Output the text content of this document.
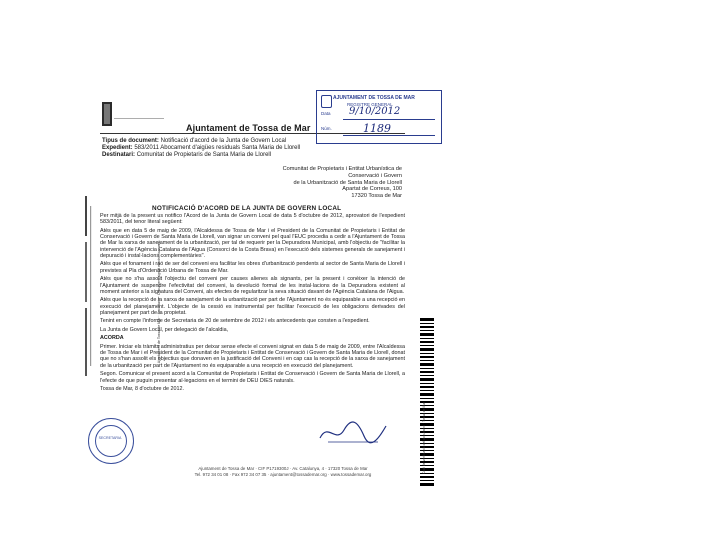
Ajuntament de Tossa de Mar
Tipus de document: Notificació d'acord de la Junta de Govern Local
Expedient: 583/2011 Abocament d'aigües residuals Santa Maria de Llorell
Destinatari: Comunitat de Propietaris de Santa Maria de Llorell
Comunitat de Propietaris i Entitat Urbanística de
Conservació i Govern
de la Urbanització de Santa Maria de Llorell
Apartat de Correus, 100
17320 Tossa de Mar
NOTIFICACIÓ D'ACORD DE LA JUNTA DE GOVERN LOCAL

Per mitjà de la present us notifico l'Acord de la Junta de Govern Local de data 5 d'octubre de 2012, aprovatori de l'expedient 583/2011, del tenor literal següent:

Atès que en data 5 de maig de 2009, l'Alcaldessa de Tossa de Mar i el President de la Comunitat de Propietaris i Entitat de Conservació i Govern de Santa Maria de Llorell, van signar un conveni pel qual l'EUC procedia a cedir a l'Ajuntament de Tossa de Mar la xarxa de sanejament de la urbanització, per tal de requerir per la Depuradora Municipal, amb l'objectiu de "facilitar la intervenció de l'Agència Catalana de l'Aigua (Consorci de la Costa Brava) en l'execució dels sistemes generals de sanejament i depuració i instal·lacions complementàries".

Atès que el fonament i raó de ser del conveni era facilitar les obres d'urbanització pendents al sector de Santa Maria de Llorell i previstes al Pla d'Ordenació Urbana de Tossa de Mar.

Atès que no s'ha assolit l'objectiu del conveni per causes alienes als signants, per la present i conèixer la intenció de l'Ajuntament de suspendre l'efectivitat del conveni, la devolució formal de les instal·lacions de la Depuradora existent al moment anterior a la signatura del Conveni, als efectes de regularitzar la seva situació davant de l'Agència Catalana de l'Aigua.

Atès que la recepció de la xarxa de sanejament de la urbanització per part de l'Ajuntament no és equiparable a una recepció en execució del planejament. L'objecte de la cessió es instrumental per facilitar l'execució de les obligacions derivades del planejament per part de la propietat.

Tenint en compte l'informe de Secretaria de 20 de setembre de 2012 i els antecedents que consten a l'expedient.

La Junta de Govern Local, per delegació de l'alcaldia,

ACORDA

Primer. Iniciar els tràmits administratius per deixar sense efecte el conveni signat en data 5 de maig de 2009, entre l'Alcaldessa de Tossa de Mar i el President de la Comunitat de Propietaris i Entitat de Conservació i Govern de Santa Maria de Llorell, donat que no s'han assolit els objectius que donaven en la justificació del Conveni i en cap cas la recepció de la xarxa de sanejament de la urbanització per part de l'Ajuntament no és equiparable a una recepció en execució del planejament.

Segon. Comunicar el present acord a la Comunitat de Propietaris i Entitat de Conservació i Govern de Santa Maria de Llorell, a l'efecte de que puguin presentar al·legacions en el termini de DEU DIES naturals.

Tossa de Mar, 8 d'octubre de 2012.

Ajuntament de Tossa de Mar · CIF P1719300J · Av. Catalunya, 4 · 17320 Tossa de Mar
Tel. 972 34 01 08 · Fax 972 34 07 35 · ajuntament@tossademar.org · www.tossademar.org
AJUNTAMENT DE TOSSA DE MAR
REGISTRE GENERAL
Data 9/10/2012
Núm.	1189
Ajuntament de Tossa de Mar · Secretaria · Document signat electrònicament
SECRETARIA	Codi de verificació del document · Tossa de Mar
